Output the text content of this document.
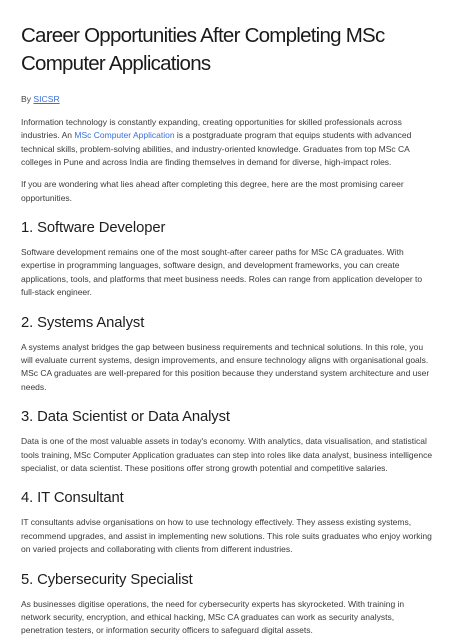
Career Opportunities After Completing MSc Computer Applications
By SICSR

Information technology is constantly expanding, creating opportunities for skilled professionals across industries. An MSc Computer Application is a postgraduate program that equips students with advanced technical skills, problem-solving abilities, and industry-oriented knowledge. Graduates from top MSc CA colleges in Pune and across India are finding themselves in demand for diverse, high-impact roles.

If you are wondering what lies ahead after completing this degree, here are the most promising career opportunities.

1. Software Developer

Software development remains one of the most sought-after career paths for MSc CA graduates. With expertise in programming languages, software design, and development frameworks, you can create applications, tools, and platforms that meet business needs. Roles can range from application developer to full-stack engineer.

2. Systems Analyst

A systems analyst bridges the gap between business requirements and technical solutions. In this role, you will evaluate current systems, design improvements, and ensure technology aligns with organisational goals. MSc CA graduates are well-prepared for this position because they understand system architecture and user needs.

3. Data Scientist or Data Analyst

Data is one of the most valuable assets in today's economy. With analytics, data visualisation, and statistical tools training, MSc Computer Application graduates can step into roles like data analyst, business intelligence specialist, or data scientist. These positions offer strong growth potential and competitive salaries.

4. IT Consultant

IT consultants advise organisations on how to use technology effectively. They assess existing systems, recommend upgrades, and assist in implementing new solutions. This role suits graduates who enjoy working on varied projects and collaborating with clients from different industries.

5. Cybersecurity Specialist

As businesses digitise operations, the need for cybersecurity experts has skyrocketed. With training in network security, encryption, and ethical hacking, MSc CA graduates can work as security analysts, penetration testers, or information security officers to safeguard digital assets.
